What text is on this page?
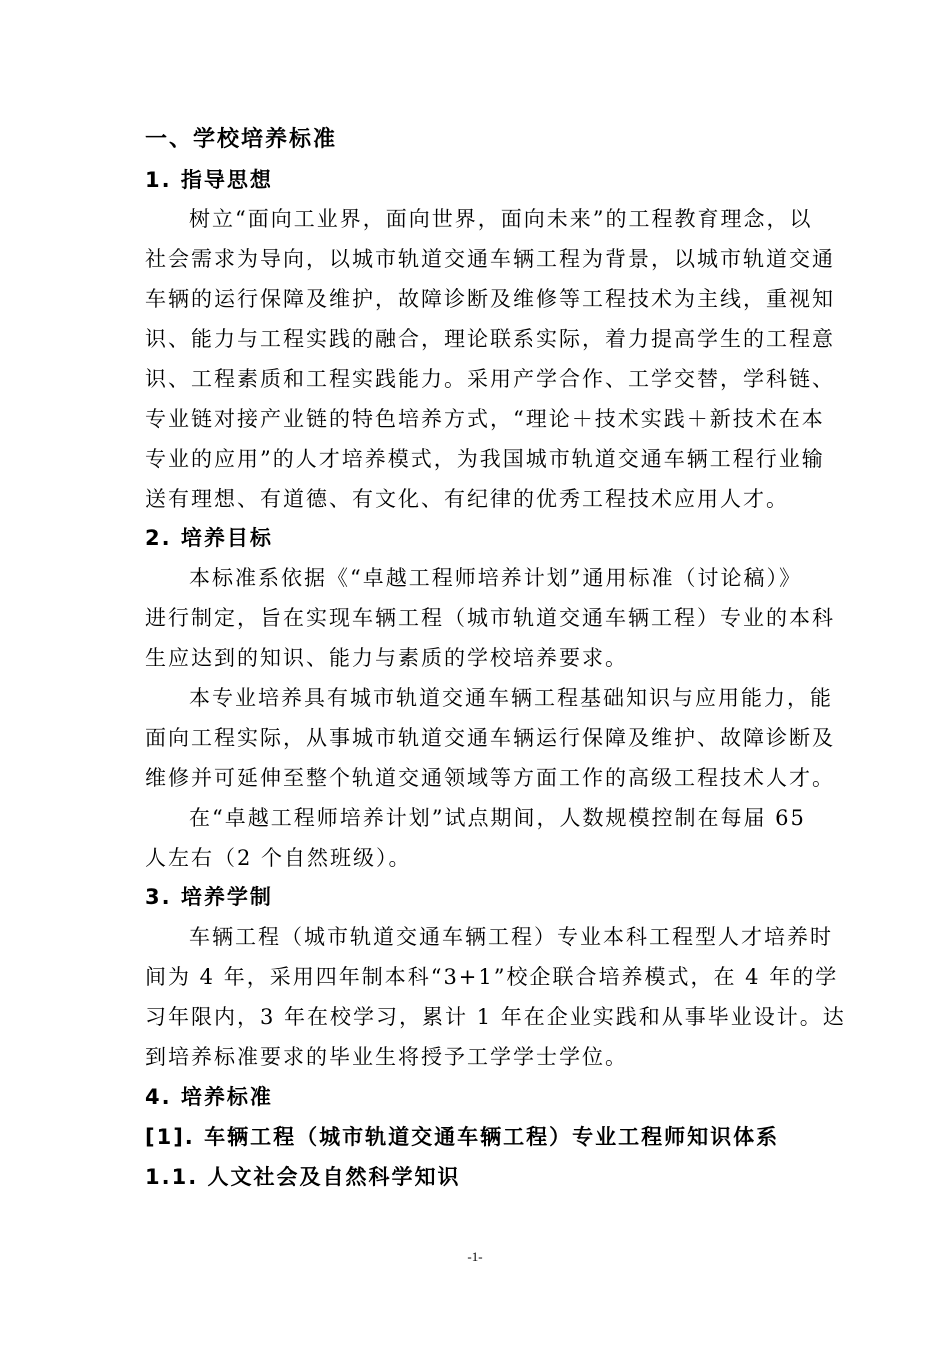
一、学校培养标准
1. 指导思想
树立“面向工业界，面向世界，面向未来”的工程教育理念，以
社会需求为导向，以城市轨道交通车辆工程为背景，以城市轨道交通
车辆的运行保障及维护，故障诊断及维修等工程技术为主线，重视知
识、能力与工程实践的融合，理论联系实际，着力提高学生的工程意
识、工程素质和工程实践能力。采用产学合作、工学交替，学科链、
专业链对接产业链的特色培养方式，“理论＋技术实践＋新技术在本
专业的应用”的人才培养模式，为我国城市轨道交通车辆工程行业输
送有理想、有道德、有文化、有纪律的优秀工程技术应用人才。
2. 培养目标
本标准系依据《“卓越工程师培养计划”通用标准（讨论稿）》
进行制定，旨在实现车辆工程（城市轨道交通车辆工程）专业的本科
生应达到的知识、能力与素质的学校培养要求。
本专业培养具有城市轨道交通车辆工程基础知识与应用能力，能
面向工程实际，从事城市轨道交通车辆运行保障及维护、故障诊断及
维修并可延伸至整个轨道交通领域等方面工作的高级工程技术人才。
在“卓越工程师培养计划”试点期间，人数规模控制在每届 65
人左右（2 个自然班级）。
3. 培养学制
车辆工程（城市轨道交通车辆工程）专业本科工程型人才培养时
间为 4 年，采用四年制本科“3+1”校企联合培养模式，在 4 年的学
习年限内，3 年在校学习，累计 1 年在企业实践和从事毕业设计。达
到培养标准要求的毕业生将授予工学学士学位。
4. 培养标准
[1]. 车辆工程（城市轨道交通车辆工程）专业工程师知识体系
1.1. 人文社会及自然科学知识
-1-
